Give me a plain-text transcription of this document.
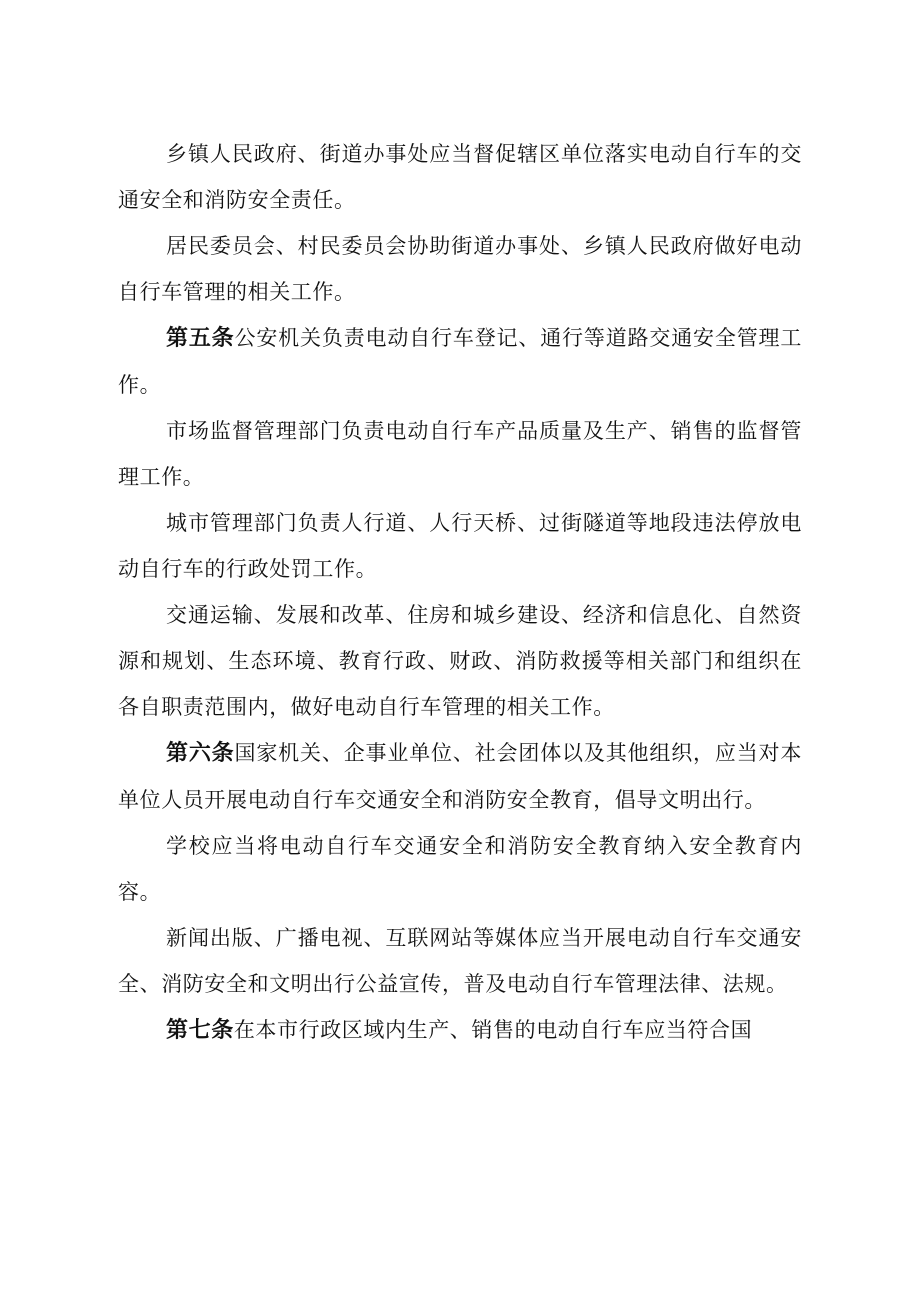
乡镇人民政府、街道办事处应当督促辖区单位落实电动自行车的交通安全和消防安全责任。

居民委员会、村民委员会协助街道办事处、乡镇人民政府做好电动自行车管理的相关工作。

第五条公安机关负责电动自行车登记、通行等道路交通安全管理工作。

市场监督管理部门负责电动自行车产品质量及生产、销售的监督管理工作。

城市管理部门负责人行道、人行天桥、过街隧道等地段违法停放电动自行车的行政处罚工作。

交通运输、发展和改革、住房和城乡建设、经济和信息化、自然资源和规划、生态环境、教育行政、财政、消防救援等相关部门和组织在各自职责范围内，做好电动自行车管理的相关工作。

第六条国家机关、企事业单位、社会团体以及其他组织，应当对本单位人员开展电动自行车交通安全和消防安全教育，倡导文明出行。

学校应当将电动自行车交通安全和消防安全教育纳入安全教育内容。

新闻出版、广播电视、互联网站等媒体应当开展电动自行车交通安全、消防安全和文明出行公益宣传，普及电动自行车管理法律、法规。

第七条在本市行政区域内生产、销售的电动自行车应当符合国
